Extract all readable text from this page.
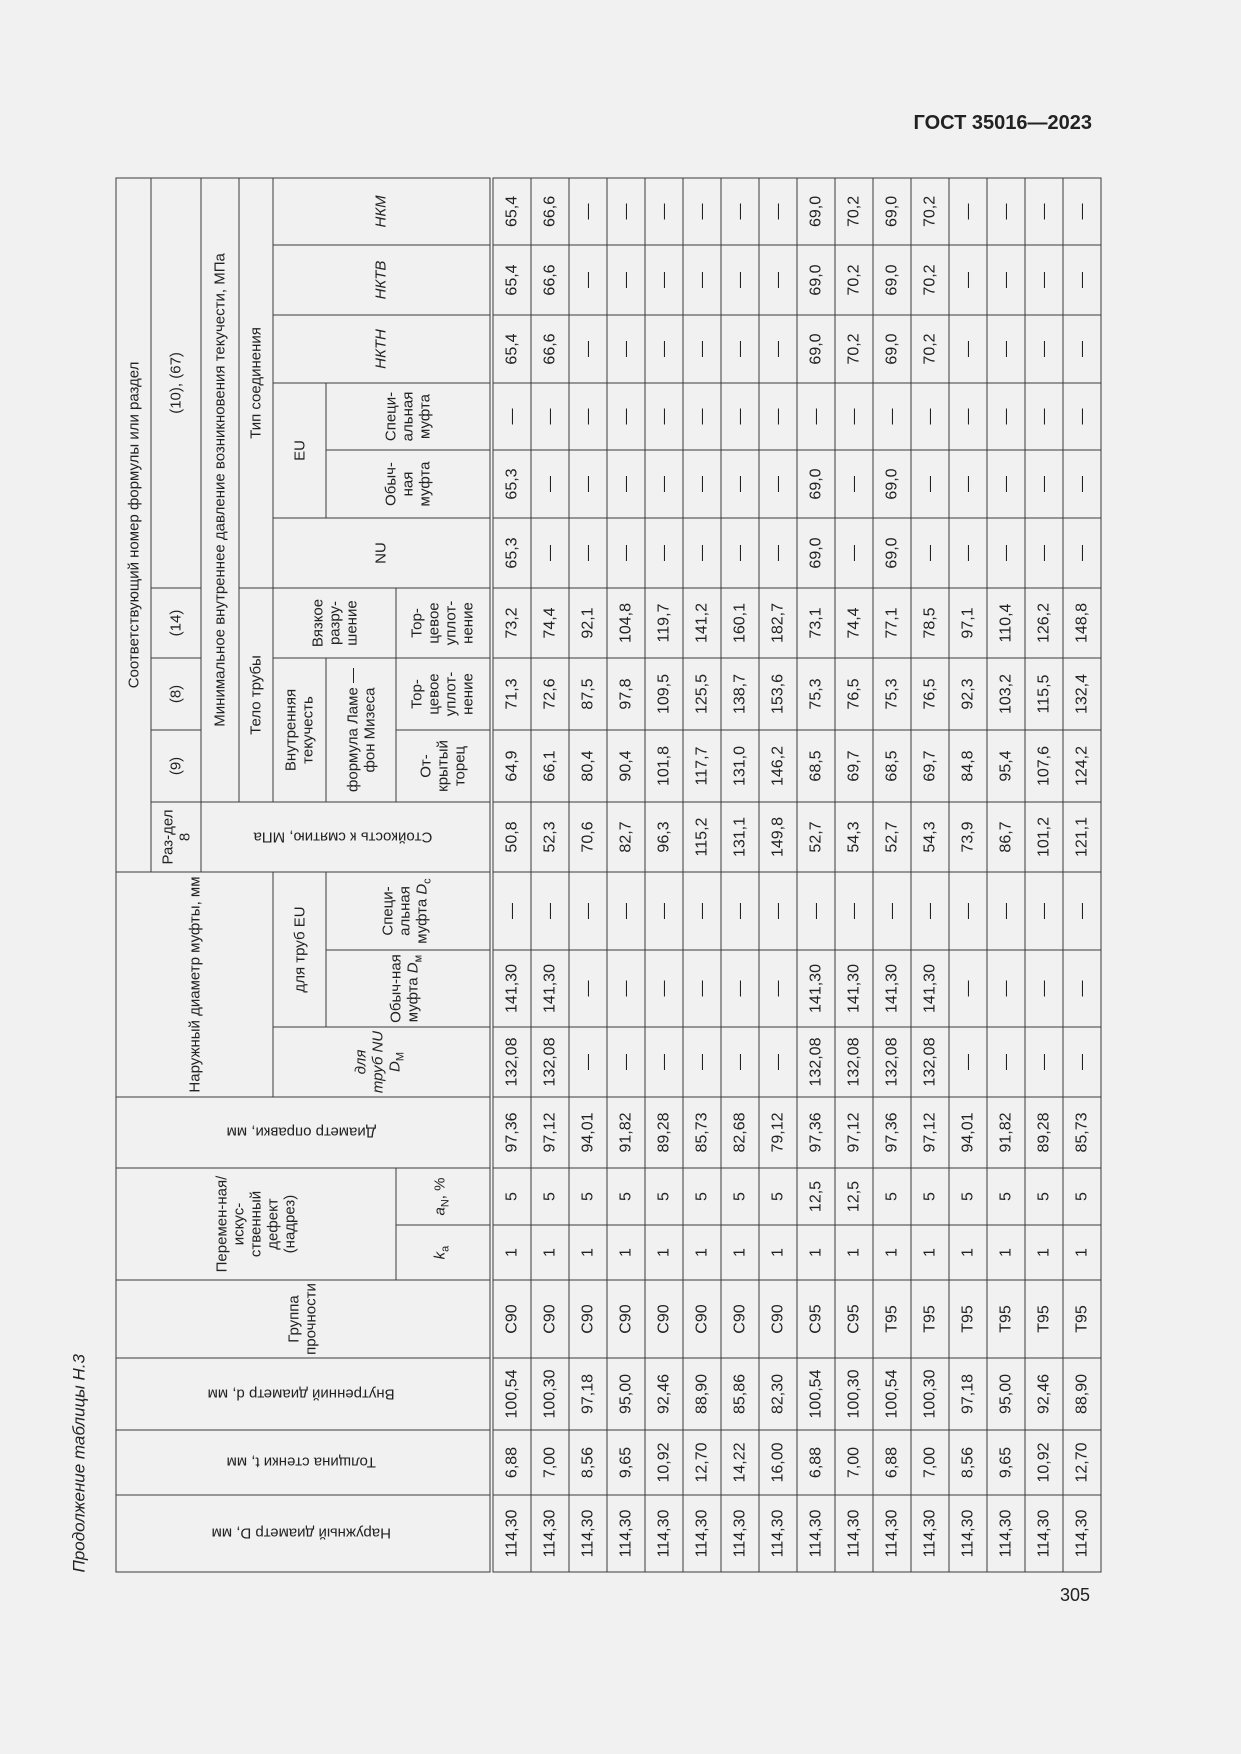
ГОСТ 35016—2023
305
Продолжение таблицы Н.3	Наружный диаметр D, мм	Толщина стенки t, мм	Внутренний диаметр d, мм	Группа прочности	Перемен-ная/искус-ственный дефект (надрез)		Диаметр оправки, мм	Наружный диаметр муфты, мм			Соответствующий номер формулы или раздел									
										Раз-дел 8	(9)	(8)	(14)	(10), (67)					
										Стойкость к смятию, МПа	Минимальное внутреннее давление возникновения текучести, МПа								
											Тело трубы			Тип соединения					
							для труб NU $D_M$	для труб EU			Внутренняя текучесть		Вязкое разру-шение	NU	EU		НКТН	НКТВ	НКМ
								Обыч-ная муфта $D_м$	Специ-альная муфта $D_c$		формула Ламе — фон Мизеса				Обыч-ная муфта	Специ-альная муфта			
				$k_a$	$a_N$, %						От-крытый торец	Тор-цевое уплот-нение	Тор-цевое уплот-нение						
114,30	6,88	100,54	C90	1	5	97,36	132,08	141,30	—	50,8	64,9	71,3	73,2	65,3	65,3	—	65,4	65,4	65,4
114,30	7,00	100,30	C90	1	5	97,12	132,08	141,30	—	52,3	66,1	72,6	74,4	—	—	—	66,6	66,6	66,6
114,30	8,56	97,18	C90	1	5	94,01	—	—	—	70,6	80,4	87,5	92,1	—	—	—	—	—	—
114,30	9,65	95,00	C90	1	5	91,82	—	—	—	82,7	90,4	97,8	104,8	—	—	—	—	—	—
114,30	10,92	92,46	C90	1	5	89,28	—	—	—	96,3	101,8	109,5	119,7	—	—	—	—	—	—
114,30	12,70	88,90	C90	1	5	85,73	—	—	—	115,2	117,7	125,5	141,2	—	—	—	—	—	—
114,30	14,22	85,86	C90	1	5	82,68	—	—	—	131,1	131,0	138,7	160,1	—	—	—	—	—	—
114,30	16,00	82,30	C90	1	5	79,12	—	—	—	149,8	146,2	153,6	182,7	—	—	—	—	—	—
114,30	6,88	100,54	C95	1	12,5	97,36	132,08	141,30	—	52,7	68,5	75,3	73,1	69,0	69,0	—	69,0	69,0	69,0
114,30	7,00	100,30	C95	1	12,5	97,12	132,08	141,30	—	54,3	69,7	76,5	74,4	—	—	—	70,2	70,2	70,2
114,30	6,88	100,54	T95	1	5	97,36	132,08	141,30	—	52,7	68,5	75,3	77,1	69,0	69,0	—	69,0	69,0	69,0
114,30	7,00	100,30	T95	1	5	97,12	132,08	141,30	—	54,3	69,7	76,5	78,5	—	—	—	70,2	70,2	70,2
114,30	8,56	97,18	T95	1	5	94,01	—	—	—	73,9	84,8	92,3	97,1	—	—	—	—	—	—
114,30	9,65	95,00	T95	1	5	91,82	—	—	—	86,7	95,4	103,2	110,4	—	—	—	—	—	—
114,30	10,92	92,46	T95	1	5	89,28	—	—	—	101,2	107,6	115,5	126,2	—	—	—	—	—	—
114,30	12,70	88,90	T95	1	5	85,73	—	—	—	121,1	124,2	132,4	148,8	—	—	—	—	—	—
